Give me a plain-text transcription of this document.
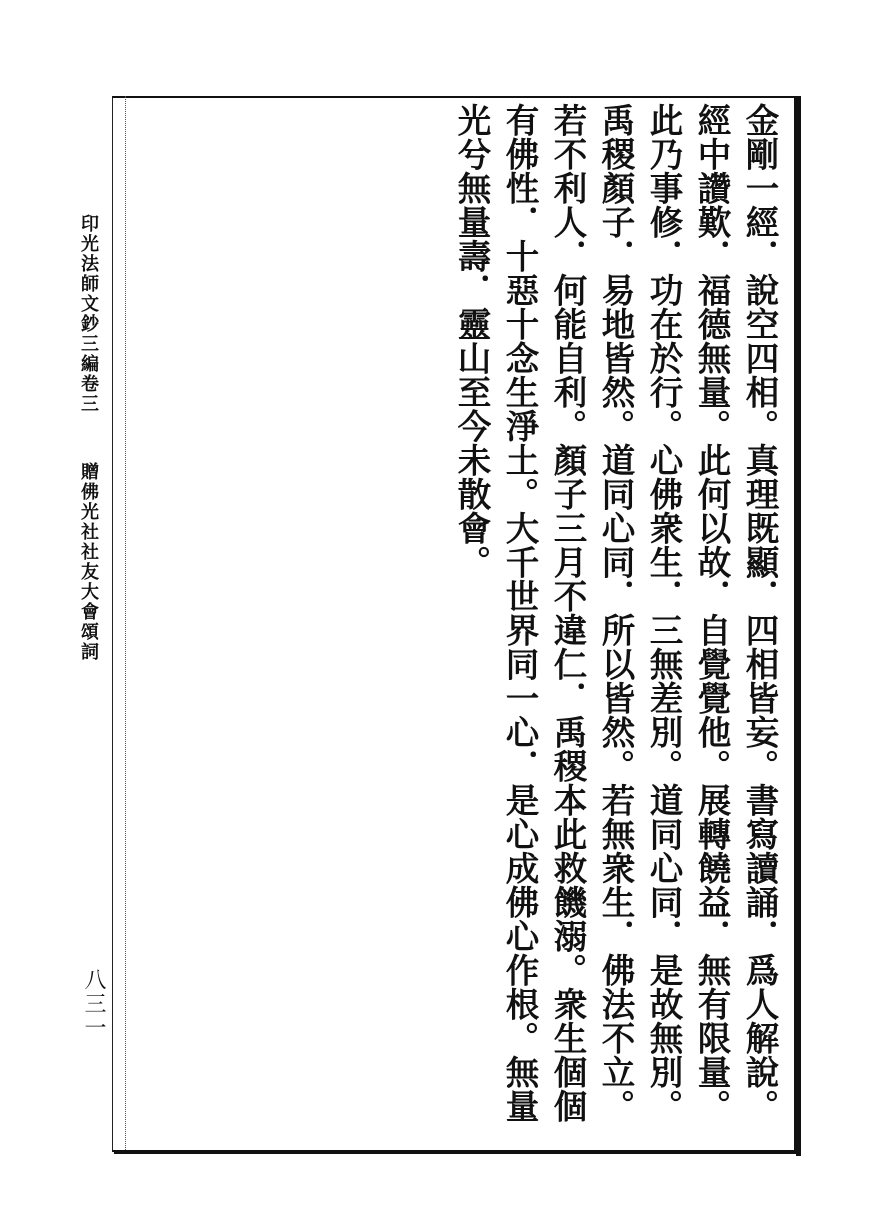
印光法師文鈔三編卷三
贈佛光社社友大會頌詞
八三一	金剛一經．說空四相。真理既顯．四相皆妄。書寫讀誦．爲人解說。經中讚歎．福德無量。此何以故．自覺覺他。展轉饒益．無有限量。此乃事修．功在於行。心佛衆生．三無差別。道同心同．是故無別。禹稷顏子．易地皆然。道同心同．所以皆然。若無衆生．佛法不立。若不利人．何能自利。顏子三月不違仁．禹稷本此救饑溺。衆生個個有佛性．十惡十念生淨土。大千世界同一心．是心成佛心作根。無量光兮無量壽．靈山至今未散會。
